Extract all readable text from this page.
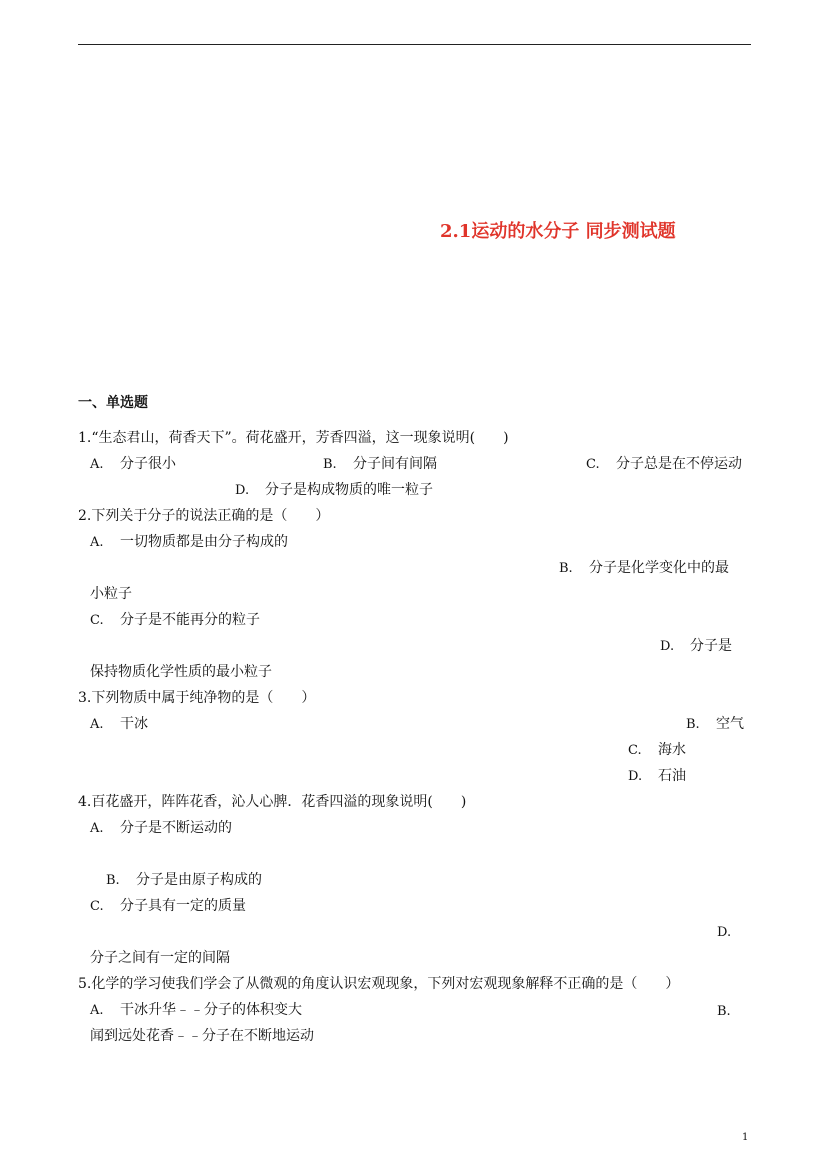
2.1运动的水分子 同步测试题
一、单选题
1.“生态君山，荷香天下”。荷花盛开，芳香四溢，这一现象说明(　　)
A. 分子很小	B. 分子间有间隔	C. 分子总是在不停运动
D. 分子是构成物质的唯一粒子
2.下列关于分子的说法正确的是（　　）
A. 一切物质都是由分子构成的
B. 分子是化学变化中的最
小粒子
C. 分子是不能再分的粒子
D. 分子是
保持物质化学性质的最小粒子
3.下列物质中属于纯净物的是（　　）
A. 干冰	B. 空气
C. 海水
D. 石油
4.百花盛开，阵阵花香，沁人心脾．花香四溢的现象说明(　　)
A. 分子是不断运动的
B. 分子是由原子构成的
C. 分子具有一定的质量
D.
分子之间有一定的间隔
5.化学的学习使我们学会了从微观的角度认识宏观现象，下列对宏观现象解释不正确的是（　　）
A. 干冰升华﹣﹣分子的体积变大	B.
闻到远处花香﹣﹣分子在不断地运动
1
